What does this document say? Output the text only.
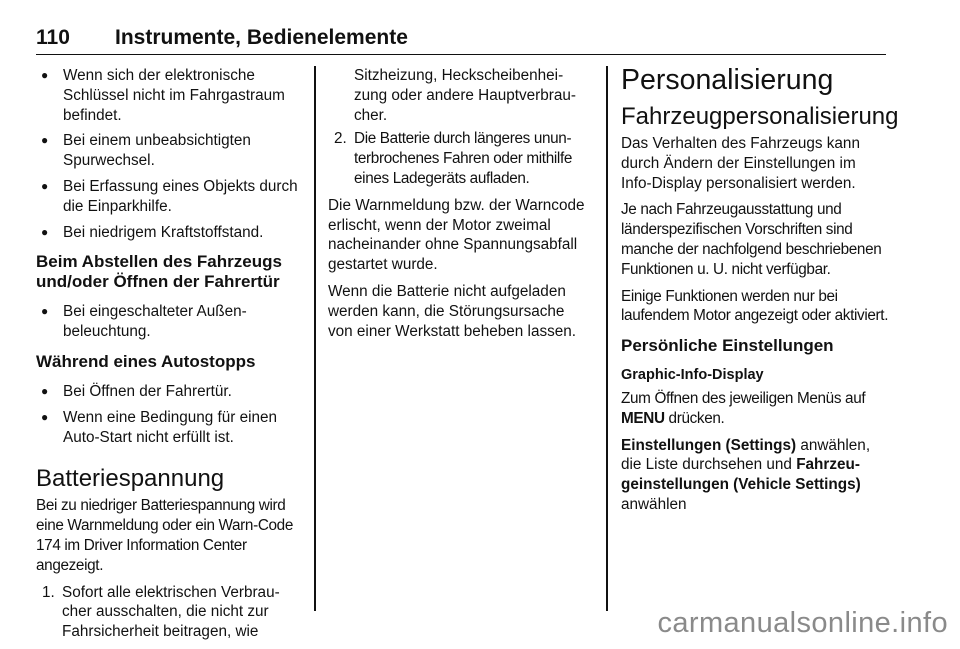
110 Instrumente, Bedienelemente
● Wenn sich der elektronische Schlüssel nicht im Fahrgastraum befindet.
● Bei einem unbeabsichtigten Spurwechsel.
● Bei Erfassung eines Objekts durch die Einparkhilfe.
● Bei niedrigem Kraftstoffstand.
Beim Abstellen des Fahrzeugs und/oder Öffnen der Fahrertür
● Bei eingeschalteter Außenbeleuchtung.
Während eines Autostopps
● Bei Öffnen der Fahrertür.
● Wenn eine Bedingung für einen Auto-Start nicht erfüllt ist.
Batteriespannung

Bei zu niedriger Batteriespannung wird eine Warnmeldung oder ein Warn-Code 174 im Driver Information Center angezeigt.

1. Sofort alle elektrischen Verbraucher ausschalten, die nicht zur Fahrsicherheit beitragen, wie
Sitzheizung, Heckscheibenheizung oder andere Hauptverbraucher.
2. Die Batterie durch längeres ununterbrochenes Fahren oder mithilfe eines Ladegeräts aufladen.

Die Warnmeldung bzw. der Warncode erlischt, wenn der Motor zweimal nacheinander ohne Spannungsabfall gestartet wurde.

Wenn die Batterie nicht aufgeladen werden kann, die Störungsursache von einer Werkstatt beheben lassen.

Personalisierung
Fahrzeugpersonalisierung

Das Verhalten des Fahrzeugs kann durch Ändern der Einstellungen im Info-Display personalisiert werden.

Je nach Fahrzeugausstattung und länderspezifischen Vorschriften sind manche der nachfolgend beschriebenen Funktionen u. U. nicht verfügbar.

Einige Funktionen werden nur bei laufendem Motor angezeigt oder aktiviert.

Persönliche Einstellungen
Graphic-Info-Display

Zum Öffnen des jeweiligen Menüs auf MENU drücken.

Einstellungen (Settings) anwählen, die Liste durchsehen und Fahrzeugeinstellungen (Vehicle Settings) anwählen

carmanualsonline.info
